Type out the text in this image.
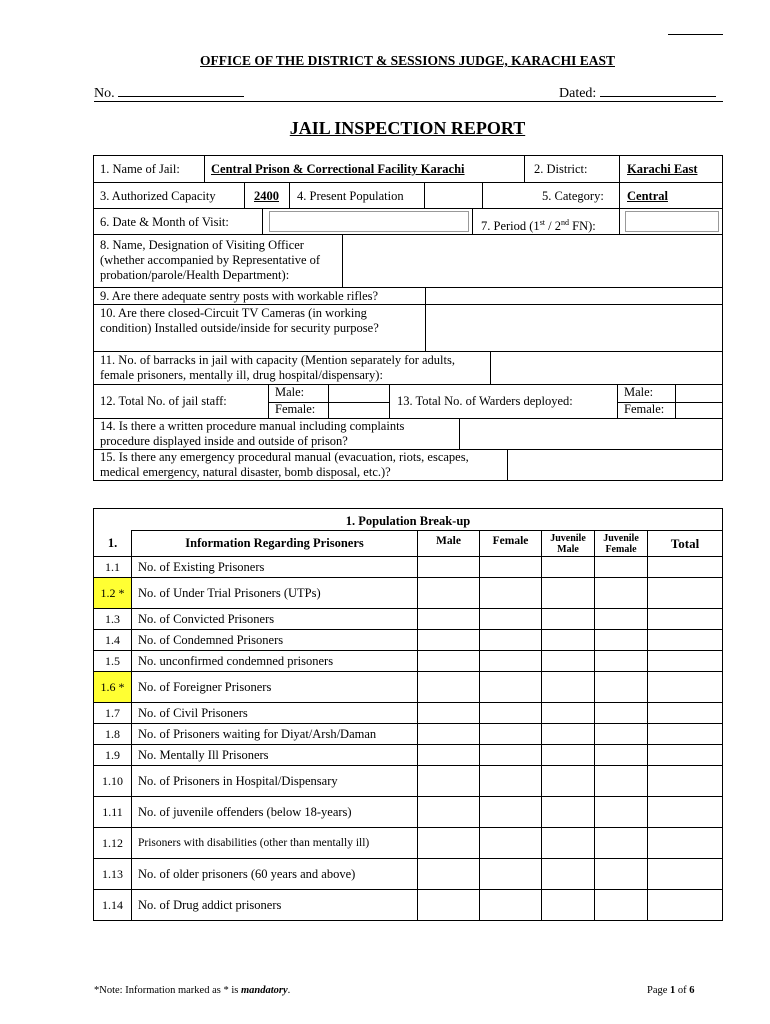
OFFICE OF THE DISTRICT & SESSIONS JUDGE, KARACHI EAST
No.	Dated:
JAIL INSPECTION REPORT
1. Name of Jail: Central Prison & Correctional Facility Karachi	2. District:	Karachi East
3. Authorized Capacity	2400 4. Present Population	5. Category: Central
6. Date & Month of Visit:	7. Period (1st / 2nd FN):
8. Name, Designation of Visiting Officer (whether accompanied by Representative of probation/parole/Health Department):
9. Are there adequate sentry posts with workable rifles?
10. Are there closed-Circuit TV Cameras (in working condition) Installed outside/inside for security purpose?
11. No. of barracks in jail with capacity (Mention separately for adults, female prisoners, mentally ill, drug hospital/dispensary):
12. Total No. of jail staff:
Male:
Female:
13. Total No. of Warders deployed:
Male:
Female:
14. Is there a written procedure manual including complaints procedure displayed inside and outside of prison?
15. Is there any emergency procedural manual (evacuation, riots, escapes, medical emergency, natural disaster, bomb disposal, etc.)?
1. Population Break-up						
1.	Information Regarding Prisoners	Male	Female	Juvenile Male	Juvenile Female	Total
1.1	No. of Existing Prisoners					
1.2 *	No. of Under Trial Prisoners (UTPs)					
1.3	No. of Convicted Prisoners					
1.4	No. of Condemned Prisoners					
1.5	No. unconfirmed condemned prisoners					
1.6 *	No. of Foreigner Prisoners					
1.7	No. of Civil Prisoners					
1.8	No. of Prisoners waiting for Diyat/Arsh/Daman					
1.9	No. Mentally Ill Prisoners					
1.10	No. of Prisoners in Hospital/Dispensary					
1.11	No. of juvenile offenders (below 18-years)					
1.12	Prisoners with disabilities (other than mentally ill)					
1.13	No. of older prisoners (60 years and above)					
1.14	No. of Drug addict prisoners					
*Note: Information marked as * is mandatory.	Page 1 of 6
